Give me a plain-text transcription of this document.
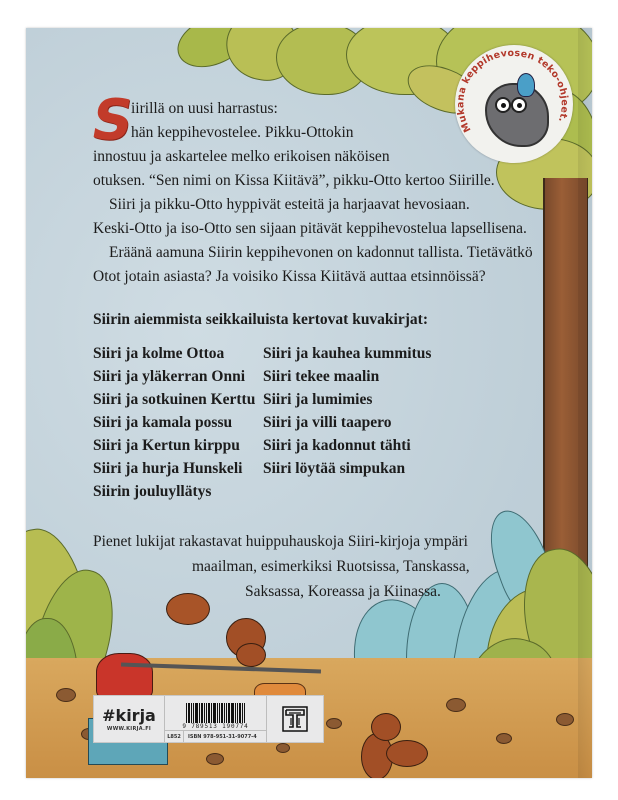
Mukana keppihevosen teko-ohjeet.
S
iirillä on uusi harrastus:
hän keppihevostelee. Pikku-Ottokin
innostuu ja askartelee melko erikoisen näköisen
otuksen. “Sen nimi on Kissa Kiitävä”, pikku-Otto kertoo Siirille.
Siiri ja pikku-Otto hyppivät esteitä ja harjaavat hevosiaan.
Keski-Otto ja iso-Otto sen sijaan pitävät keppihevostelua lapsellisena.
Eräänä aamuna Siirin keppihevonen on kadonnut tallista. Tietävätkö
Otot jotain asiasta? Ja voisiko Kissa Kiitävä auttaa etsinnöissä?
Siirin aiemmista seikkailuista kertovat kuvakirjat:
Siiri ja kolme Ottoa
Siiri ja yläkerran Onni
Siiri ja sotkuinen Kerttu
Siiri ja kamala possu
Siiri ja Kertun kirppu
Siiri ja hurja Hunskeli
Siirin jouluyllätys
Siiri ja kauhea kummitus
Siiri tekee maalin
Siiri ja lumimies
Siiri ja villi taapero
Siiri ja kadonnut tähti
Siiri löytää simpukan
Pienet lukijat rakastavat huippuhauskoja Siiri-kirjoja ympäri
maailman, esimerkiksi Ruotsissa, Tanskassa,
Saksassa, Koreassa ja Kiinassa.
#kirja
WWW.KIRJA.FI	9 789513 190774
L852	ISBN 978-951-31-9077-4
